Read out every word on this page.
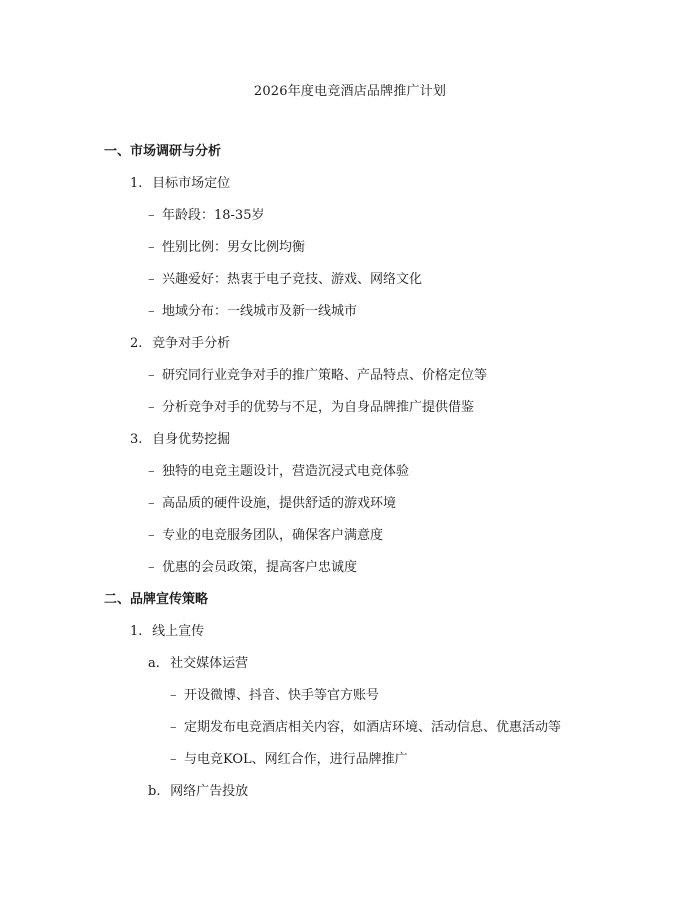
2026年度电竞酒店品牌推广计划
一、市场调研与分析
1. 目标市场定位
– 年龄段：18-35岁
– 性别比例：男女比例均衡
– 兴趣爱好：热衷于电子竞技、游戏、网络文化
– 地域分布：一线城市及新一线城市
2. 竞争对手分析
– 研究同行业竞争对手的推广策略、产品特点、价格定位等
– 分析竞争对手的优势与不足，为自身品牌推广提供借鉴
3. 自身优势挖掘
– 独特的电竞主题设计，营造沉浸式电竞体验
– 高品质的硬件设施，提供舒适的游戏环境
– 专业的电竞服务团队，确保客户满意度
– 优惠的会员政策，提高客户忠诚度
二、品牌宣传策略
1. 线上宣传
a. 社交媒体运营
– 开设微博、抖音、快手等官方账号
– 定期发布电竞酒店相关内容，如酒店环境、活动信息、优惠活动等
– 与电竞KOL、网红合作，进行品牌推广
b. 网络广告投放
